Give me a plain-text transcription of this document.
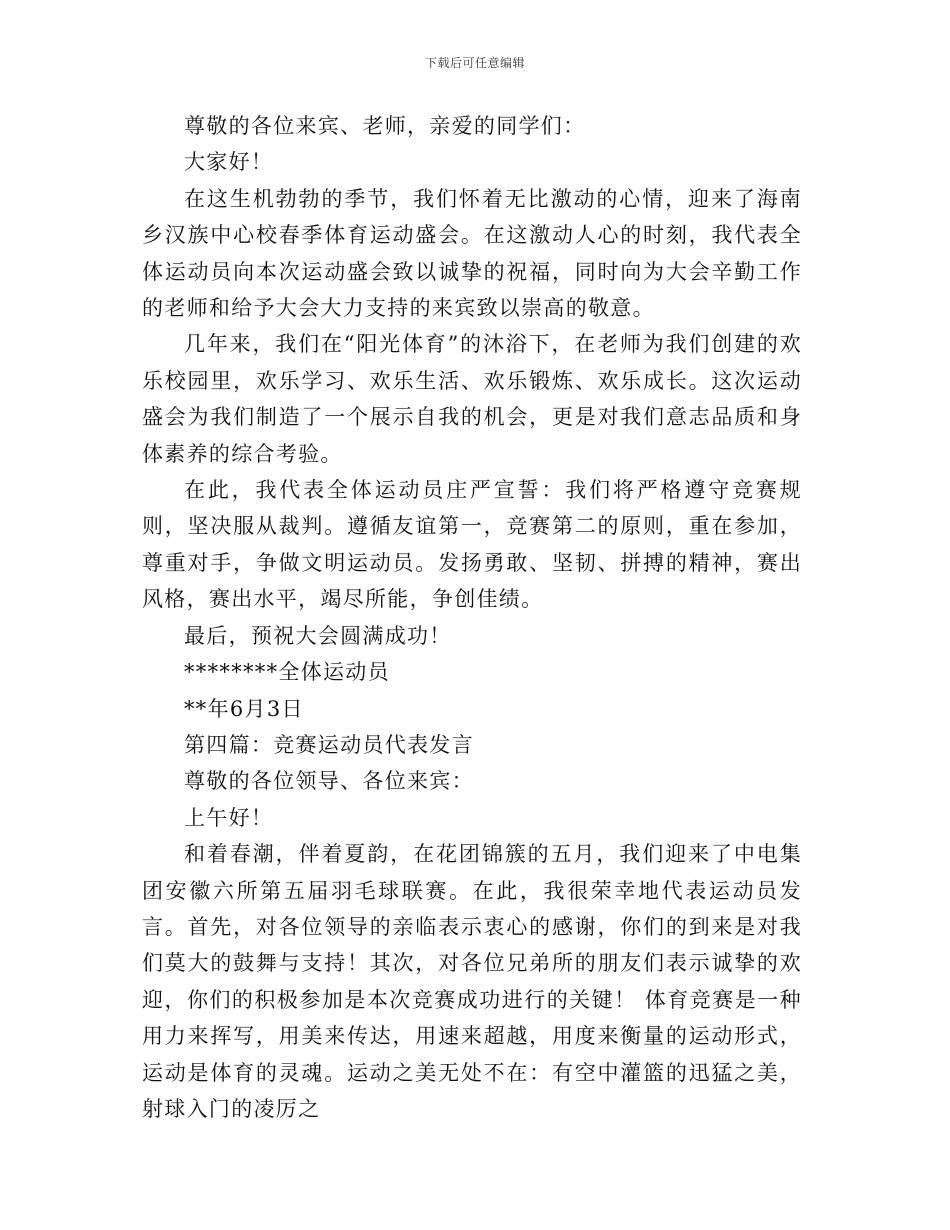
下载后可任意编辑

尊敬的各位来宾、老师，亲爱的同学们：

大家好！

在这生机勃勃的季节，我们怀着无比激动的心情，迎来了海南乡汉族中心校春季体育运动盛会。在这激动人心的时刻，我代表全体运动员向本次运动盛会致以诚挚的祝福，同时向为大会辛勤工作的老师和给予大会大力支持的来宾致以崇高的敬意。

几年来，我们在“阳光体育”的沐浴下，在老师为我们创建的欢乐校园里，欢乐学习、欢乐生活、欢乐锻炼、欢乐成长。这次运动盛会为我们制造了一个展示自我的机会，更是对我们意志品质和身体素养的综合考验。

在此，我代表全体运动员庄严宣誓：我们将严格遵守竞赛规则，坚决服从裁判。遵循友谊第一，竞赛第二的原则，重在参加，尊重对手，争做文明运动员。发扬勇敢、坚韧、拼搏的精神，赛出风格，赛出水平，竭尽所能，争创佳绩。

最后，预祝大会圆满成功！

********全体运动员

**年6月3日

第四篇：竞赛运动员代表发言

尊敬的各位领导、各位来宾：

上午好！

和着春潮，伴着夏韵，在花团锦簇的五月，我们迎来了中电集团安徽六所第五届羽毛球联赛。在此，我很荣幸地代表运动员发言。首先，对各位领导的亲临表示衷心的感谢，你们的到来是对我们莫大的鼓舞与支持！其次，对各位兄弟所的朋友们表示诚挚的欢迎，你们的积极参加是本次竞赛成功进行的关键！ 体育竞赛是一种用力来挥写，用美来传达，用速来超越，用度来衡量的运动形式，运动是体育的灵魂。运动之美无处不在：有空中灌篮的迅猛之美，射球入门的凌厉之
